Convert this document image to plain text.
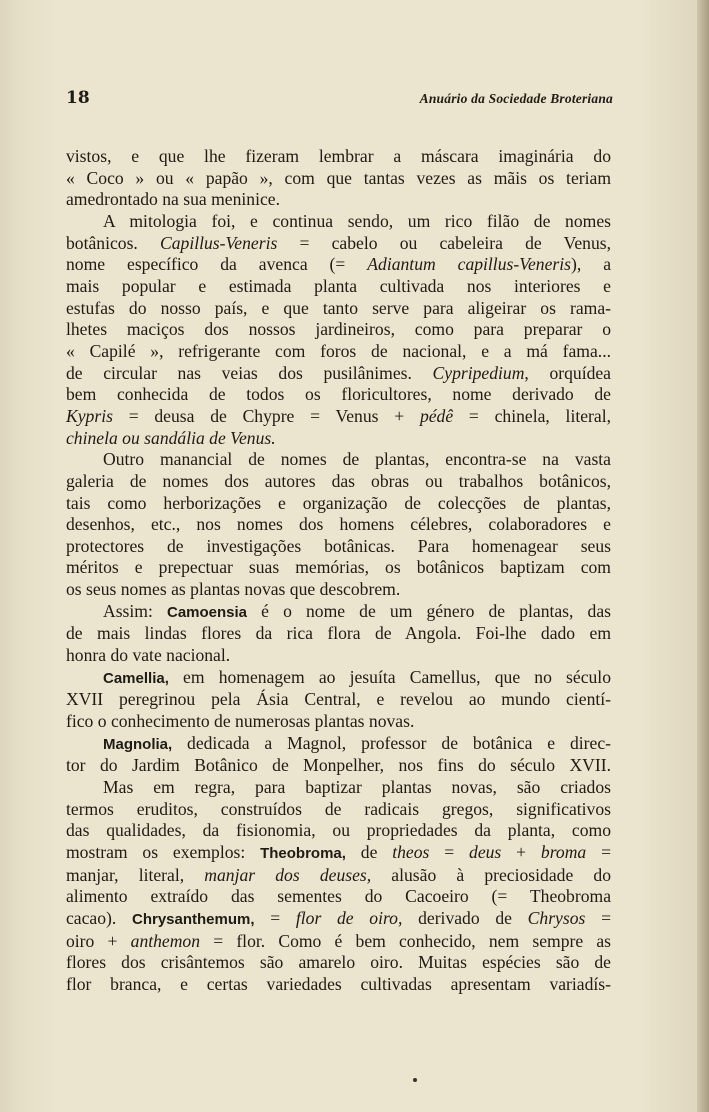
18	Anuário da Sociedade Broteriana

vistos, e que lhe fizeram lembrar a máscara imaginária do
« Coco » ou « papão », com que tantas vezes as mãis os teriam
amedrontado na sua meninice.

A mitologia foi, e continua sendo, um rico filão de nomes
botânicos. Capillus-Veneris = cabelo ou cabeleira de Venus,
nome específico da avenca (= Adiantum capillus-Veneris), a
mais popular e estimada planta cultivada nos interiores e
estufas do nosso país, e que tanto serve para aligeirar os rama-
lhetes maciços dos nossos jardineiros, como para preparar o
« Capilé », refrigerante com foros de nacional, e a má fama...
de circular nas veias dos pusilânimes. Cypripedium, orquídea
bem conhecida de todos os floricultores, nome derivado de
Kypris = deusa de Chypre = Venus + pédê = chinela, literal,
chinela ou sandália de Venus.

Outro manancial de nomes de plantas, encontra-se na vasta
galeria de nomes dos autores das obras ou trabalhos botânicos,
tais como herborizações e organização de colecções de plantas,
desenhos, etc., nos nomes dos homens célebres, colaboradores e
protectores de investigações botânicas. Para homenagear seus
méritos e prepectuar suas memórias, os botânicos baptizam com
os seus nomes as plantas novas que descobrem.

Assim: Camoensia é o nome de um género de plantas, das
de mais lindas flores da rica flora de Angola. Foi-lhe dado em
honra do vate nacional.

Camellia, em homenagem ao jesuíta Camellus, que no século
XVII peregrinou pela Ásia Central, e revelou ao mundo cientí-
fico o conhecimento de numerosas plantas novas.

Magnolia, dedicada a Magnol, professor de botânica e direc-
tor do Jardim Botânico de Monpelher, nos fins do século XVII.

Mas em regra, para baptizar plantas novas, são criados
termos eruditos, construídos de radicais gregos, significativos
das qualidades, da fisionomia, ou propriedades da planta, como
mostram os exemplos: Theobroma, de theos = deus + broma =
manjar, literal, manjar dos deuses, alusão à preciosidade do
alimento extraído das sementes do Cacoeiro (= Theobroma
cacao). Chrysanthemum, = flor de oiro, derivado de Chrysos =
oiro + anthemon = flor. Como é bem conhecido, nem sempre as
flores dos crisântemos são amarelo oiro. Muitas espécies são de
flor branca, e certas variedades cultivadas apresentam variadís-
